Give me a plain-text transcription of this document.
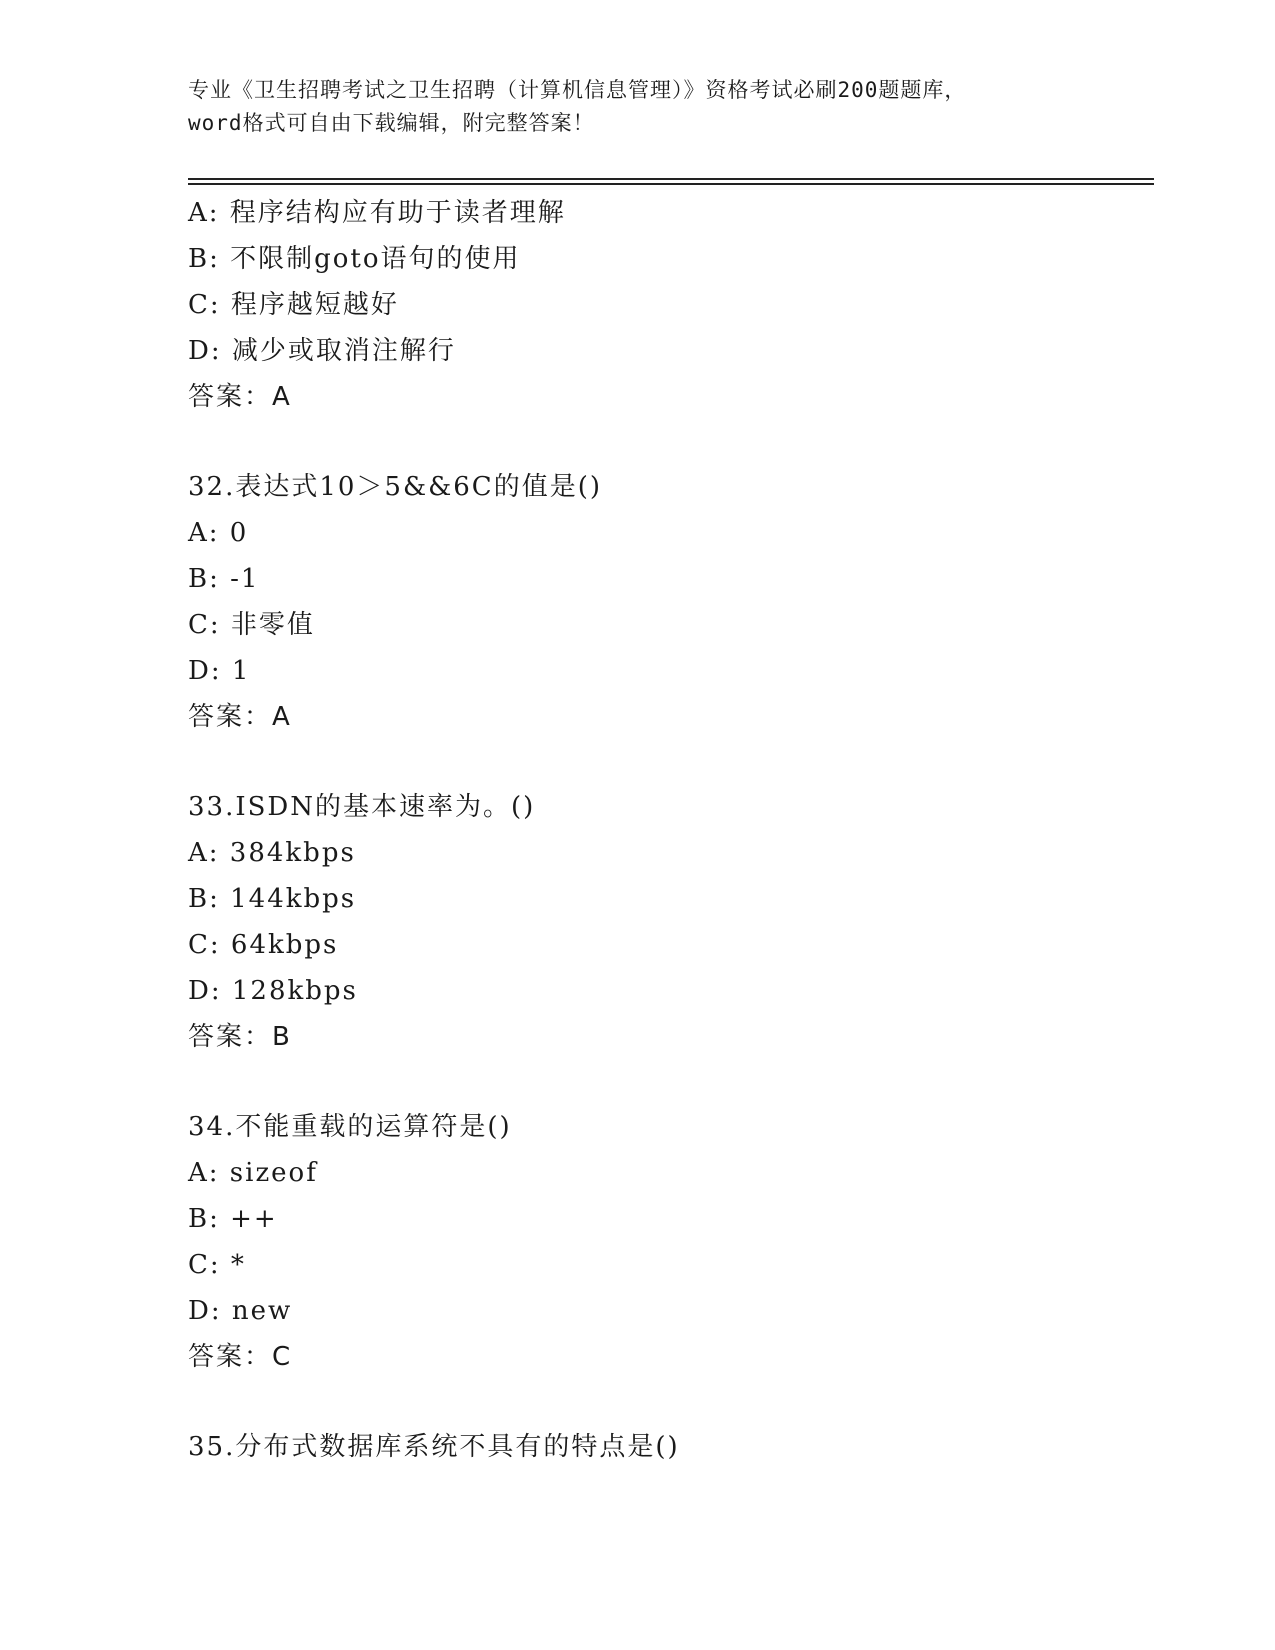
专业《卫生招聘考试之卫生招聘（计算机信息管理）》资格考试必刷200题题库，
word格式可自由下载编辑，附完整答案！
A: 程序结构应有助于读者理解
B: 不限制goto语句的使用
C: 程序越短越好
D: 减少或取消注解行
答案：A
32.表达式10＞5&&6C的值是()
A: 0
B: -1
C: 非零值
D: 1
答案：A
33.ISDN的基本速率为。()
A: 384kbps
B: 144kbps
C: 64kbps
D: 128kbps
答案：B
34.不能重载的运算符是()
A: sizeof
B: ++
C: *
D: new
答案：C
35.分布式数据库系统不具有的特点是()
